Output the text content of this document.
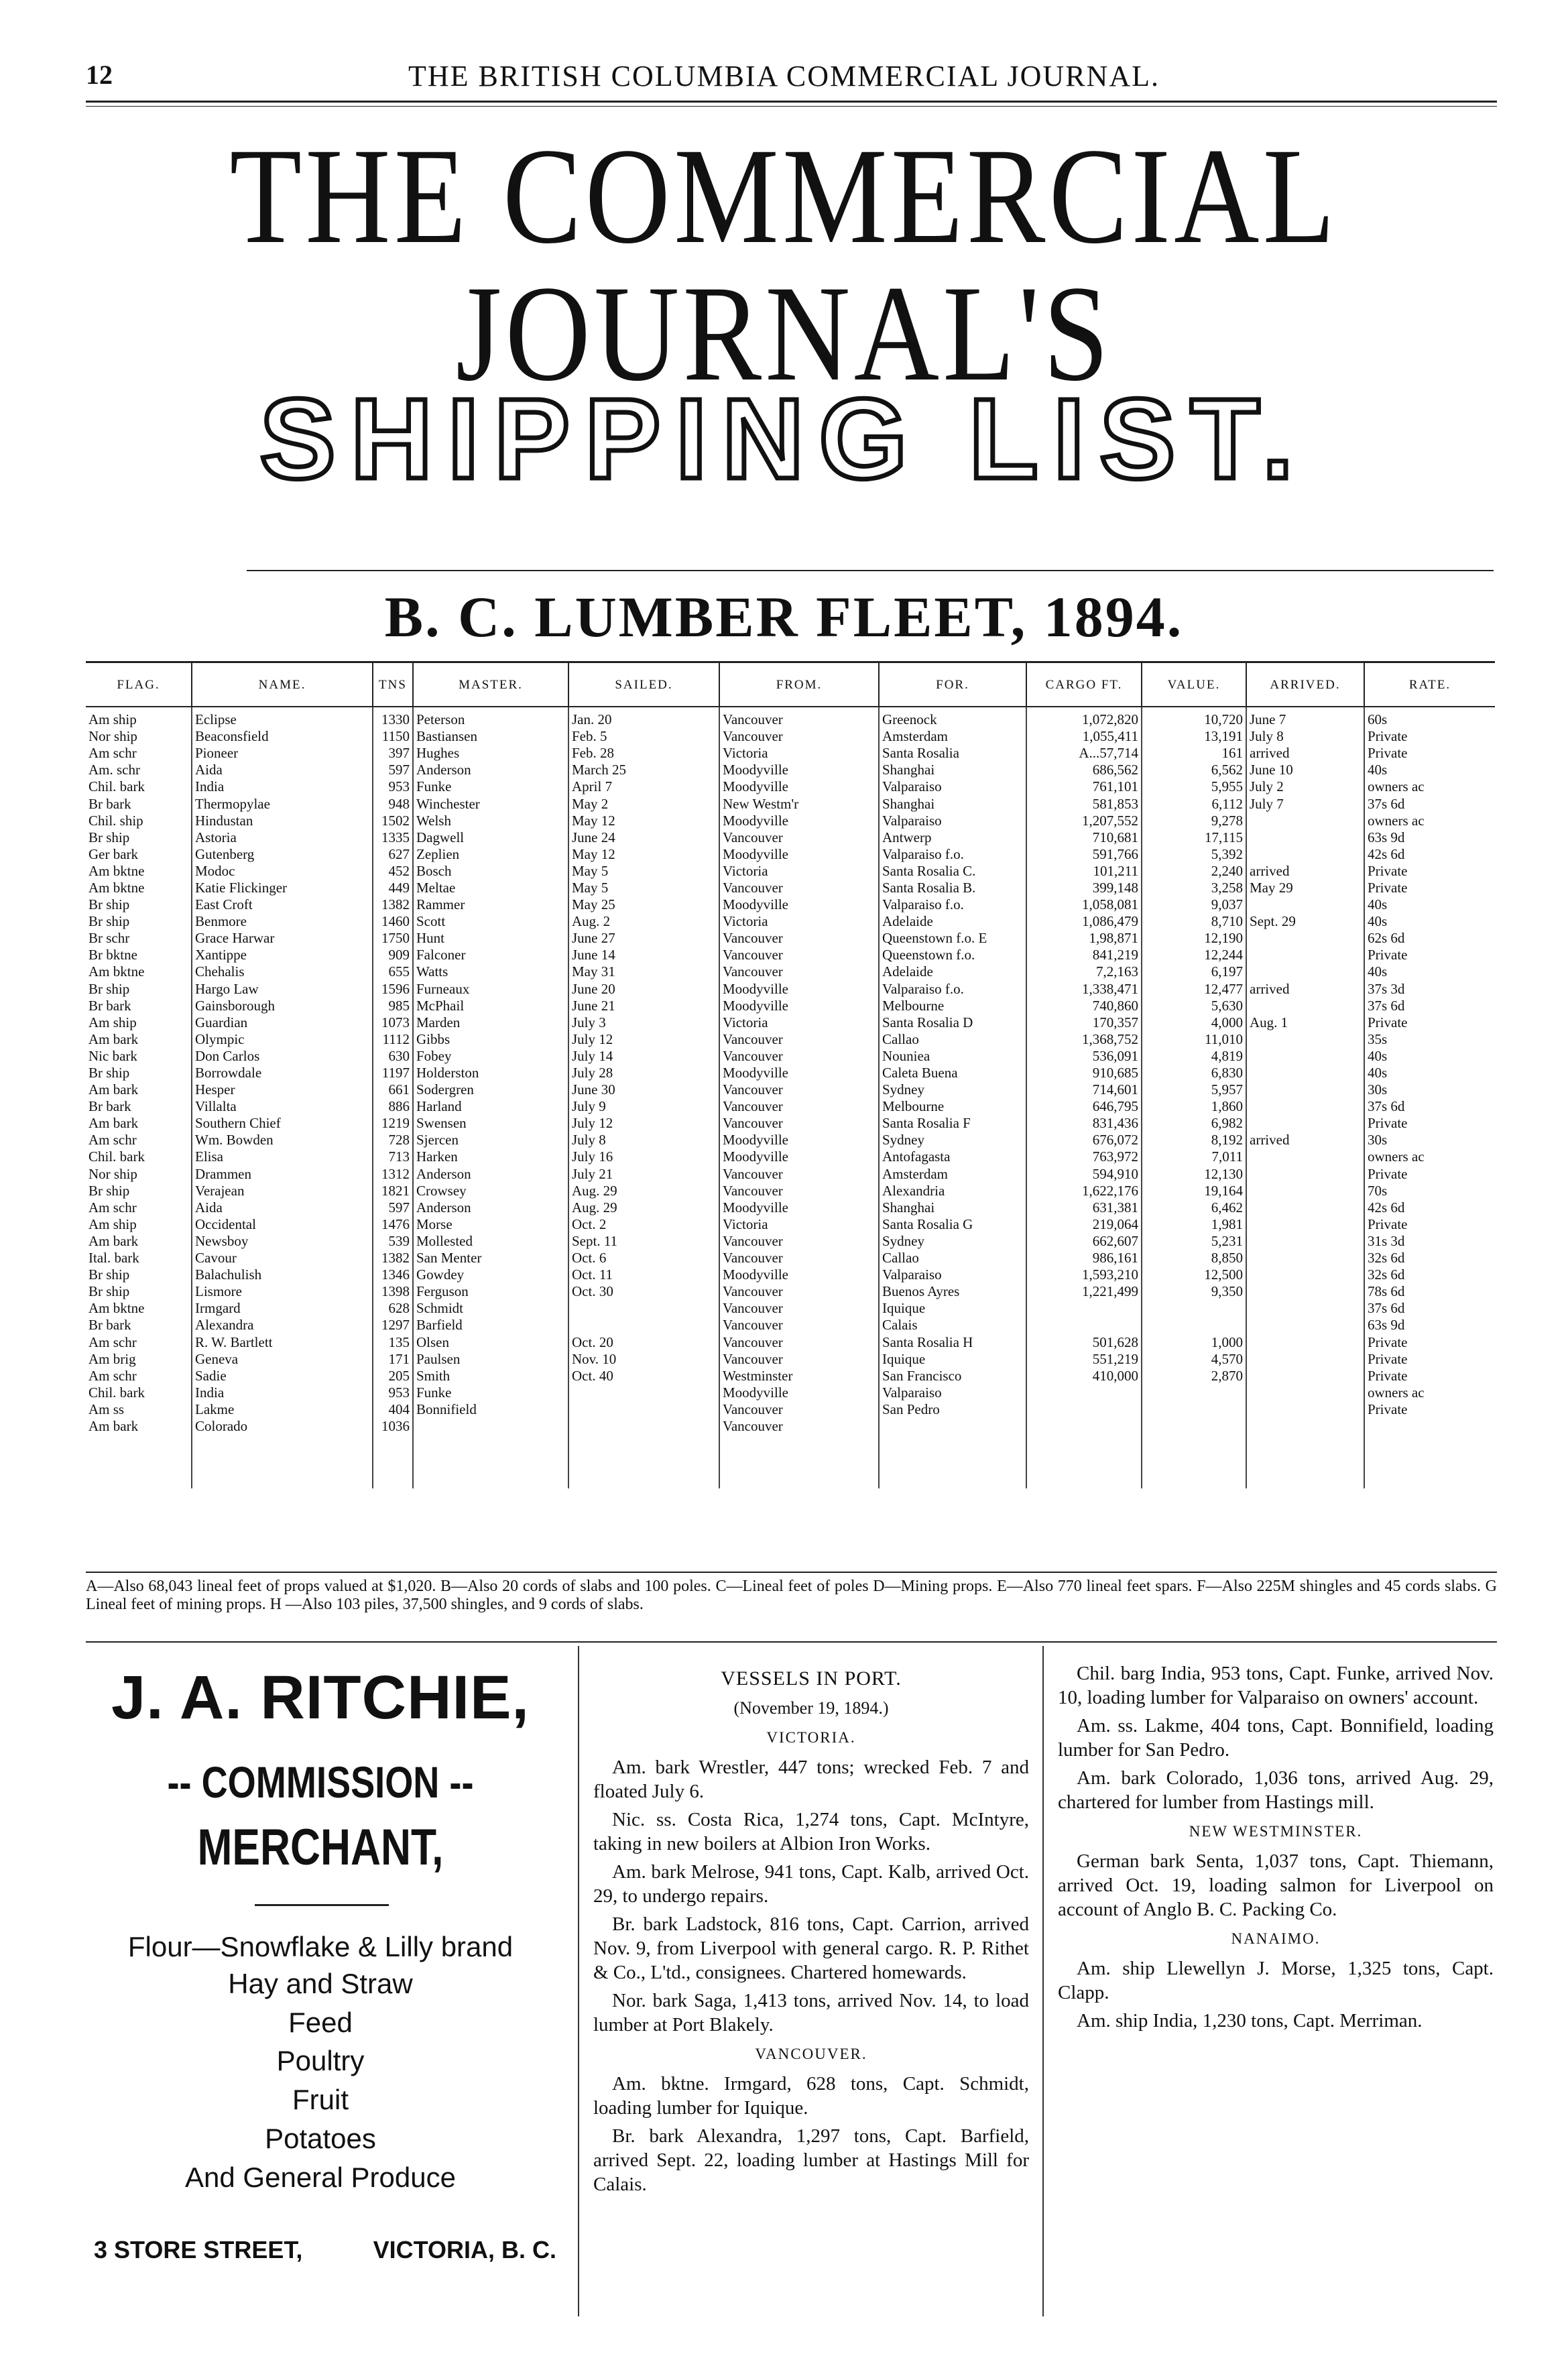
12	THE BRITISH COLUMBIA COMMERCIAL JOURNAL.
THE COMMERCIAL JOURNAL'S
SHIPPING LIST.
B. C. LUMBER FLEET, 1894.
FLAG.	NAME.	TNS	MASTER.	SAILED.	FROM.	FOR.	CARGO FT.	VALUE.	ARRIVED.	RATE.
Am ship	Eclipse	1330	Peterson	Jan. 20	Vancouver	Greenock	1,072,820	10,720	June 7	60s
Nor ship	Beaconsfield	1150	Bastiansen	Feb. 5	Vancouver	Amsterdam	1,055,411	13,191	July 8	Private
Am schr	Pioneer	397	Hughes	Feb. 28	Victoria	Santa Rosalia	A...57,714	161	arrived	Private
Am. schr	Aida	597	Anderson	March 25	Moodyville	Shanghai	686,562	6,562	June 10	40s
Chil. bark	India	953	Funke	April 7	Moodyville	Valparaiso	761,101	5,955	July 2	owners ac
Br bark	Thermopylae	948	Winchester	May 2	New Westm'r	Shanghai	581,853	6,112	July 7	37s 6d
Chil. ship	Hindustan	1502	Welsh	May 12	Moodyville	Valparaiso	1,207,552	9,278		owners ac
Br ship	Astoria	1335	Dagwell	June 24	Vancouver	Antwerp	710,681	17,115		63s 9d
Ger bark	Gutenberg	627	Zeplien	May 12	Moodyville	Valparaiso f.o.	591,766	5,392		42s 6d
Am bktne	Modoc	452	Bosch	May 5	Victoria	Santa Rosalia C.	101,211	2,240	arrived	Private
Am bktne	Katie Flickinger	449	Meltae	May 5	Vancouver	Santa Rosalia B.	399,148	3,258	May 29	Private
Br ship	East Croft	1382	Rammer	May 25	Moodyville	Valparaiso f.o.	1,058,081	9,037		40s
Br ship	Benmore	1460	Scott	Aug. 2	Victoria	Adelaide	1,086,479	8,710	Sept. 29	40s
Br schr	Grace Harwar	1750	Hunt	June 27	Vancouver	Queenstown f.o. E	1,98,871	12,190		62s 6d
Br bktne	Xantippe	909	Falconer	June 14	Vancouver	Queenstown f.o.	841,219	12,244		Private
Am bktne	Chehalis	655	Watts	May 31	Vancouver	Adelaide	7,2,163	6,197		40s
Br ship	Hargo Law	1596	Furneaux	June 20	Moodyville	Valparaiso f.o.	1,338,471	12,477	arrived	37s 3d
Br bark	Gainsborough	985	McPhail	June 21	Moodyville	Melbourne	740,860	5,630		37s 6d
Am ship	Guardian	1073	Marden	July 3	Victoria	Santa Rosalia D	170,357	4,000	Aug. 1	Private
Am bark	Olympic	1112	Gibbs	July 12	Vancouver	Callao	1,368,752	11,010		35s
Nic bark	Don Carlos	630	Fobey	July 14	Vancouver	Nouniea	536,091	4,819		40s
Br ship	Borrowdale	1197	Holderston	July 28	Moodyville	Caleta Buena	910,685	6,830		40s
Am bark	Hesper	661	Sodergren	June 30	Vancouver	Sydney	714,601	5,957		30s
Br bark	Villalta	886	Harland	July 9	Vancouver	Melbourne	646,795	1,860		37s 6d
Am bark	Southern Chief	1219	Swensen	July 12	Vancouver	Santa Rosalia F	831,436	6,982		Private
Am schr	Wm. Bowden	728	Sjercen	July 8	Moodyville	Sydney	676,072	8,192	arrived	30s
Chil. bark	Elisa	713	Harken	July 16	Moodyville	Antofagasta	763,972	7,011		owners ac
Nor ship	Drammen	1312	Anderson	July 21	Vancouver	Amsterdam	594,910	12,130		Private
Br ship	Verajean	1821	Crowsey	Aug. 29	Vancouver	Alexandria	1,622,176	19,164		70s
Am schr	Aida	597	Anderson	Aug. 29	Moodyville	Shanghai	631,381	6,462		42s 6d
Am ship	Occidental	1476	Morse	Oct. 2	Victoria	Santa Rosalia G	219,064	1,981		Private
Am bark	Newsboy	539	Mollested	Sept. 11	Vancouver	Sydney	662,607	5,231		31s 3d
Ital. bark	Cavour	1382	San Menter	Oct. 6	Vancouver	Callao	986,161	8,850		32s 6d
Br ship	Balachulish	1346	Gowdey	Oct. 11	Moodyville	Valparaiso	1,593,210	12,500		32s 6d
Br ship	Lismore	1398	Ferguson	Oct. 30	Vancouver	Buenos Ayres	1,221,499	9,350		78s 6d
Am bktne	Irmgard	628	Schmidt		Vancouver	Iquique				37s 6d
Br bark	Alexandra	1297	Barfield		Vancouver	Calais				63s 9d
Am schr	R. W. Bartlett	135	Olsen	Oct. 20	Vancouver	Santa Rosalia H	501,628	1,000		Private
Am brig	Geneva	171	Paulsen	Nov. 10	Vancouver	Iquique	551,219	4,570		Private
Am schr	Sadie	205	Smith	Oct. 40	Westminster	San Francisco	410,000	2,870		Private
Chil. bark	India	953	Funke		Moodyville	Valparaiso				owners ac
Am ss	Lakme	404	Bonnifield		Vancouver	San Pedro				Private
Am bark	Colorado	1036			Vancouver					

A—Also 68,043 lineal feet of props valued at $1,020. B—Also 20 cords of slabs and 100 poles. C—Lineal feet of poles D—Mining props. E—Also 770 lineal feet spars. F—Also 225M shingles and 45 cords slabs. G Lineal feet of mining props. H —Also 103 piles, 37,500 shingles, and 9 cords of slabs.
J. A. RITCHIE,
-- COMMISSION --
MERCHANT,
Flour—Snowflake & Lilly brand
Hay and Straw
Feed
Poultry
Fruit
Potatoes
And General Produce
3 STORE STREET,	VICTORIA, B. C.
VESSELS IN PORT.
(November 19, 1894.)
VICTORIA.

Am. bark Wrestler, 447 tons; wrecked Feb. 7 and floated July 6.

Nic. ss. Costa Rica, 1,274 tons, Capt. McIntyre, taking in new boilers at Albion Iron Works.

Am. bark Melrose, 941 tons, Capt. Kalb, arrived Oct. 29, to undergo repairs.

Br. bark Ladstock, 816 tons, Capt. Carrion, arrived Nov. 9, from Liverpool with general cargo. R. P. Rithet & Co., L'td., consignees. Chartered homewards.

Nor. bark Saga, 1,413 tons, arrived Nov. 14, to load lumber at Port Blakely.

VANCOUVER.

Am. bktne. Irmgard, 628 tons, Capt. Schmidt, loading lumber for Iquique.

Br. bark Alexandra, 1,297 tons, Capt. Barfield, arrived Sept. 22, loading lumber at Hastings Mill for Calais.

Chil. barg India, 953 tons, Capt. Funke, arrived Nov. 10, loading lumber for Valparaiso on owners' account.

Am. ss. Lakme, 404 tons, Capt. Bonnifield, loading lumber for San Pedro.

Am. bark Colorado, 1,036 tons, arrived Aug. 29, chartered for lumber from Hastings mill.

NEW WESTMINSTER.

German bark Senta, 1,037 tons, Capt. Thiemann, arrived Oct. 19, loading salmon for Liverpool on account of Anglo B. C. Packing Co.

NANAIMO.

Am. ship Llewellyn J. Morse, 1,325 tons, Capt. Clapp.

Am. ship India, 1,230 tons, Capt. Merriman.
